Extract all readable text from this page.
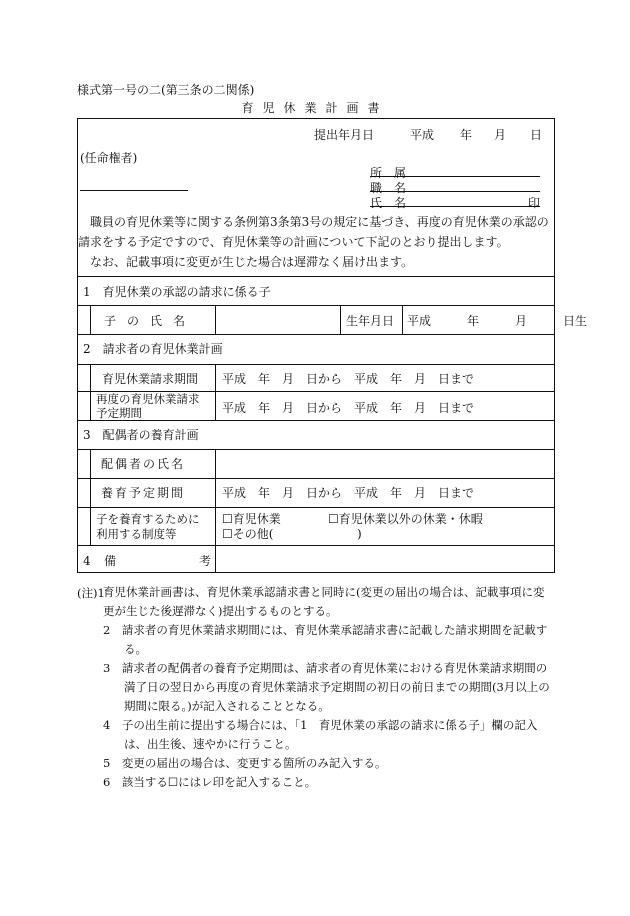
様式第一号の二(第三条の二関係)
育児休業計画書
提出年月日	平成 年 月 日
(任命権者)
所　属
職　名
氏　名	印
職員の育児休業等に関する条例第3条第3号の規定に基づき、再度の育児休業の承認の請求をする予定ですので、育児休業等の計画について下記のとおり提出します。
なお、記載事項に変更が生じた場合は遅滞なく届け出ます。
1　育児休業の承認の請求に係る子
子の氏名	生年月日 平成　　　年　　　月　　　日生
2　請求者の育児休業計画
育児休業請求期間 平成　年　月　日から　平成　年　月　日まで
再度の育児休業請求
予定期間	平成　年　月　日から　平成　年　月　日まで
3　配偶者の養育計画
配偶者の氏名
養育予定期間	平成　年　月　日から　平成　年　月　日まで
子を養育するために
利用する制度等
☐育児休業	☐育児休業以外の休業・休暇
☐その他(	)
4 備	考
(注)1
育児休業計画書は、育児休業承認請求書と同時に(変更の届出の場合は、記載事項に変更が生じた後遅滞なく)提出するものとする。
2　請求者の育児休業請求期間には、育児休業承認請求書に記載した請求期間を記載する。
3　請求者の配偶者の養育予定期間は、請求者の育児休業における育児休業請求期間の満了日の翌日から再度の育児休業請求予定期間の初日の前日までの期間(3月以上の期間に限る。)が記入されることとなる。
4　子の出生前に提出する場合には、「1　育児休業の承認の請求に係る子」欄の記入は、出生後、速やかに行うこと。
5　変更の届出の場合は、変更する箇所のみ記入する。
6　該当する☐にはレ印を記入すること。
